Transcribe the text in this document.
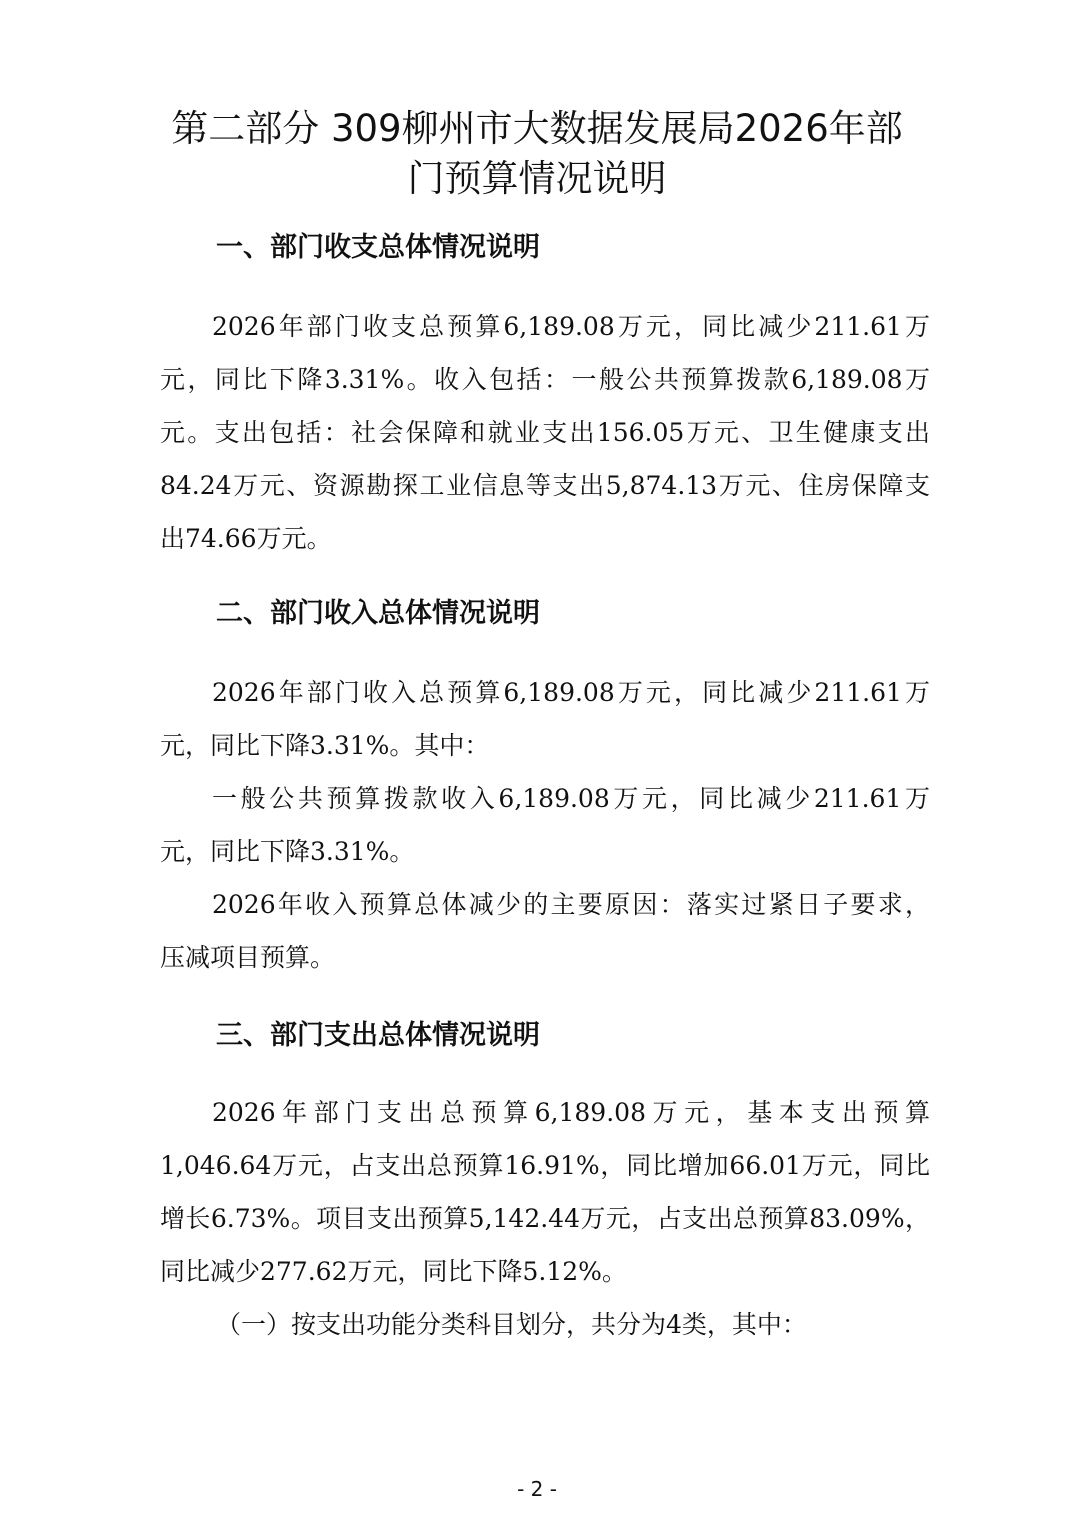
第二部分 309柳州市大数据发展局2026年部
门预算情况说明
一、部门收支总体情况说明
2026年部门收支总预算6,189.08万元，同比减少211.61万
元，同比下降3.31%。收入包括：一般公共预算拨款6,189.08万
元。支出包括：社会保障和就业支出156.05万元、卫生健康支出
84.24万元、资源勘探工业信息等支出5,874.13万元、住房保障支
出74.66万元。
二、部门收入总体情况说明
2026年部门收入总预算6,189.08万元，同比减少211.61万
元，同比下降3.31%。其中：
一般公共预算拨款收入6,189.08万元，同比减少211.61万
元，同比下降3.31%。
2026年收入预算总体减少的主要原因：落实过紧日子要求，
压减项目预算。
三、部门支出总体情况说明
2026年部门支出总预算6,189.08万元，基本支出预算
1,046.64万元，占支出总预算16.91%，同比增加66.01万元，同比
增长6.73%。项目支出预算5,142.44万元，占支出总预算83.09%，
同比减少277.62万元，同比下降5.12%。
（一）按支出功能分类科目划分，共分为4类，其中：
- 2 -
